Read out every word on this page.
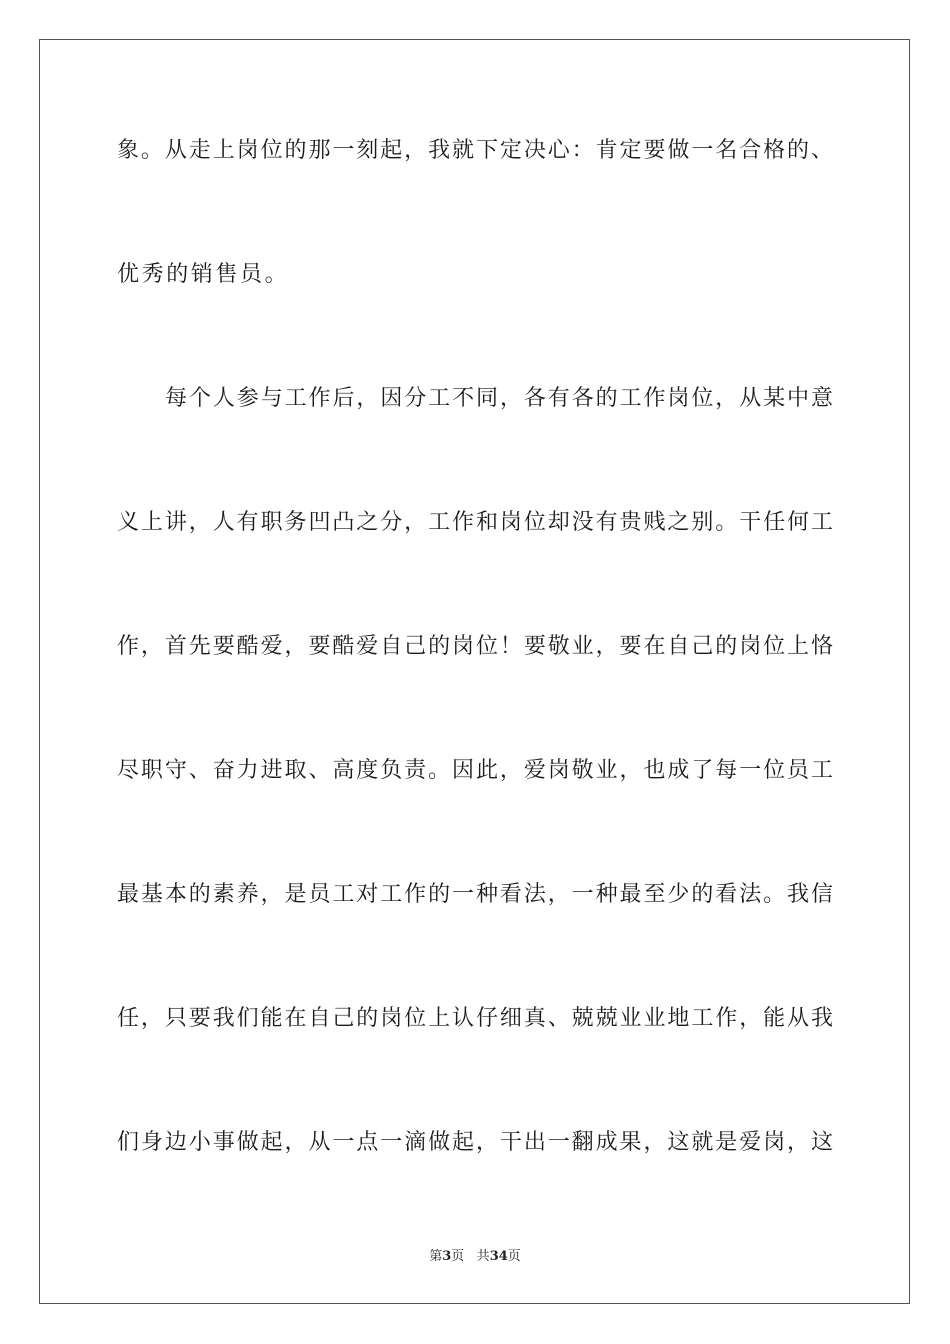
象。从走上岗位的那一刻起，我就下定决心：肯定要做一名合格的、
优秀的销售员。
每个人参与工作后，因分工不同，各有各的工作岗位，从某中意
义上讲，人有职务凹凸之分，工作和岗位却没有贵贱之别。干任何工
作，首先要酷爱，要酷爱自己的岗位！要敬业，要在自己的岗位上恪
尽职守、奋力进取、高度负责。因此，爱岗敬业，也成了每一位员工
最基本的素养，是员工对工作的一种看法，一种最至少的看法。我信
任，只要我们能在自己的岗位上认仔细真、兢兢业业地工作，能从我
们身边小事做起，从一点一滴做起，干出一翻成果，这就是爱岗，这
第3页 共34页
